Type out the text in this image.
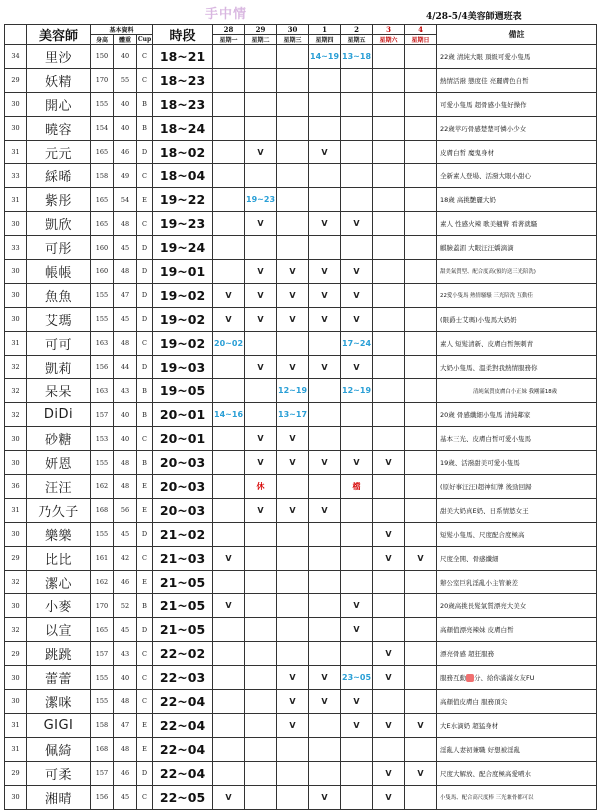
手中情	4/28-5/4美容師週班表
	美容師	基本資料			時段	28	29	30	1	2	3	4	備註
		身高	體重	Cup		星期一	星期二	星期三	星期四	星期五	星期六	星期日	
34	里沙	150	40	C	18~21				14~19	13~18			22歲 清純大眼 頂級可愛小隻馬
29	妖精	170	55	C	18~23								熱情活潑 態度佳 亮麗膚色自皙
30	開心	155	40	B	18~23								可愛小隻馬 超骨感小隻好操作
30	曉容	154	40	B	18~24								22歲苹巧骨感楚楚可憐小少女
31	元元	165	46	D	18~02		V		V				皮膚白皙 魔鬼身材
33	綵晞	158	49	C	18~04								全新素人登場、活潑大眼小甜心
31	紫彤	165	54	E	19~22		19~23						18歲 高挑艷麗大奶
30	凱欣	165	48	C	19~23		V		V	V			素人 性感火辣 歌美翹臀 看著就騷
33	可彤	160	45	D	19~24								麒臉蓋湄 大眼汪汪嬌滴滴
30	帳帳	160	48	D	19~01		V	V	V	V			甜美氣質型、配合度高(預約送三光陪洗)
30	魚魚	155	47	D	19~02	V	V	V	V	V			22愛小隻馬 熱情騷騷 三光陪洗 互動佳
30	艾瑪	155	45	D	19~02	V	V	V	V	V			(限爵士艾瑪)小隻馬大奶奶
31	可可	163	48	C	19~02	20~02				17~24			素人 短髮清新、皮膚白皙無刺青
32	凱莉	156	44	D	19~03		V	V	V	V			大奶小隻馬、溫柔對我熱情服務你
32	呆呆	163	43	B	19~05			12~19		12~19			清純氣質皮膚白小正妹 我剛滿18歲
32	DiDi	157	40	B	20~01	14~16		13~17					20歲 骨感纖細小隻馬 清純鄰家
30	砂糖	153	40	C	20~01		V	V					基本三光、皮膚白皙可愛小隻馬
30	妍恩	155	48	B	20~03		V	V	V	V	V		19歲、活潑甜美可愛小隻馬
36	汪汪	162	48	E	20~03		休			檔			(原好事汪汪)超神紅牌 後勁回歸
31	乃久子	168	56	E	20~03		V	V	V				甜美大奶真E奶、日系情慾女王
30	樂樂	155	45	D	21~02						V		短髮小隻馬、尺度配合度極高
29	比比	161	42	C	21~03	V					V	V	尺度全開、骨感纖細
32	潔心	162	46	E	21~05								辦公室巨乳淫亂小主管兼差
30	小麥	170	52	B	21~05	V				V			20歲高挑長髮氣質漂亮大美女
32	以宣	165	45	D	21~05					V			高顏值漂亮辣妹 皮膚白皙
29	跳跳	157	43	C	22~02						V		漂亮骨感 超狂服務
30	蕾蕾	155	40	C	22~03			V	V	23~05	V		服務互動 分、給你滿滿女友FU
30	潔咪	155	48	C	22~04			V	V	V			高顏值皮膚白 服務頂尖
31	GIGI	158	47	E	22~04			V		V	V	V	大E水滴奶 超猛身材
31	佩綺	168	48	E	22~04								淫亂人妻初兼職 好想被淫亂
29	可柔	157	46	D	22~04						V	V	尺度大解放、配合度極高愛噴水
30	湘晴	156	45	C	22~05	V			V		V		小隻馬、配合高尺度棒 三光兼骨都可以
